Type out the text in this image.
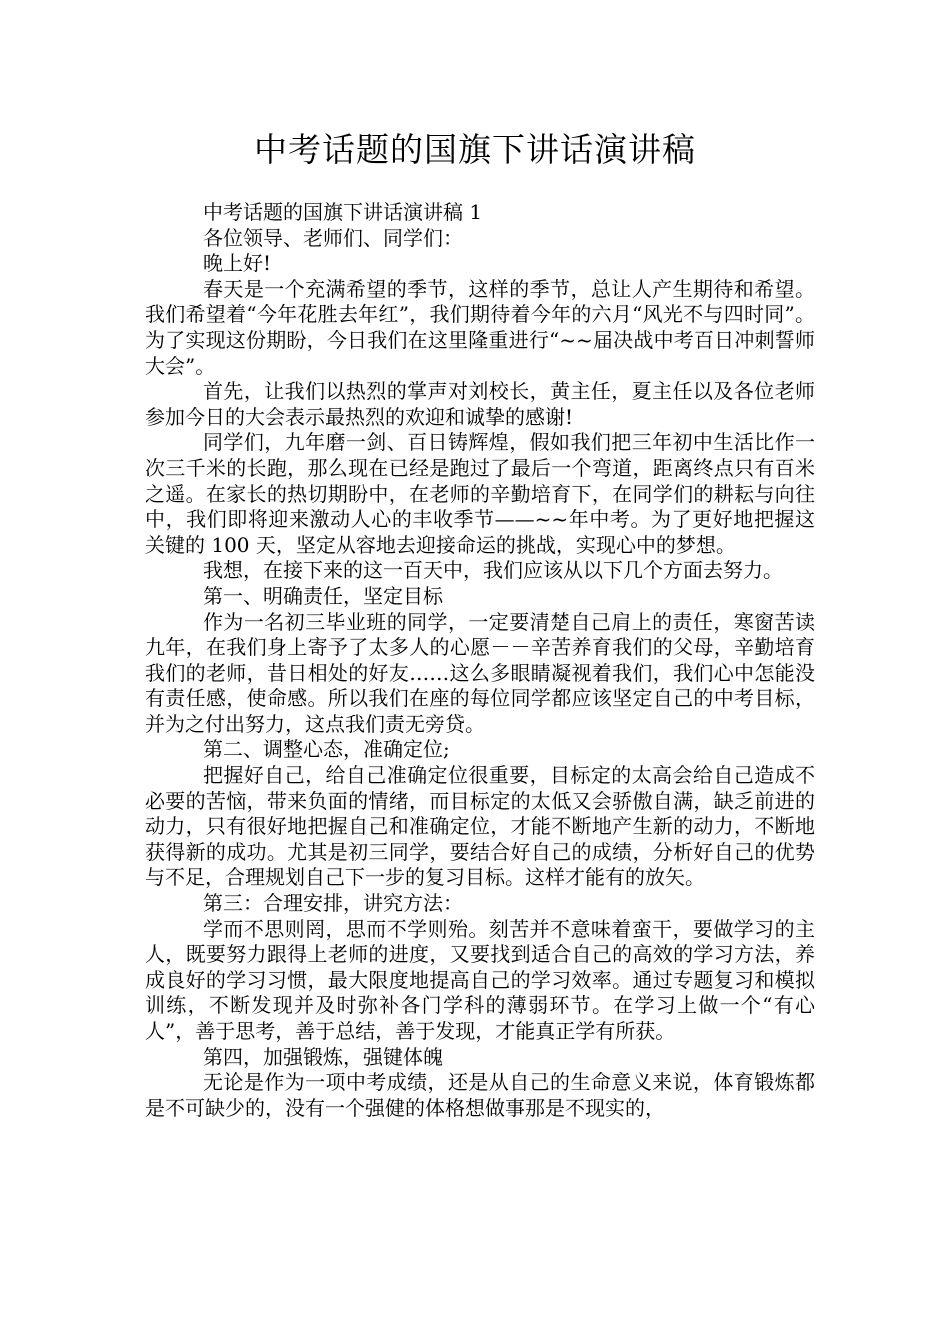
中考话题的国旗下讲话演讲稿

中考话题的国旗下讲话演讲稿 1

各位领导、老师们、同学们：

晚上好!

春天是一个充满希望的季节，这样的季节，总让人产生期待和希望。我们希望着“今年花胜去年红”，我们期待着今年的六月“风光不与四时同”。为了实现这份期盼，今日我们在这里隆重进行“~~届决战中考百日冲刺誓师大会”。

首先，让我们以热烈的掌声对刘校长，黄主任，夏主任以及各位老师参加今日的大会表示最热烈的欢迎和诚挚的感谢!

同学们，九年磨一剑、百日铸辉煌，假如我们把三年初中生活比作一次三千米的长跑，那么现在已经是跑过了最后一个弯道，距离终点只有百米之遥。在家长的热切期盼中，在老师的辛勤培育下，在同学们的耕耘与向往中，我们即将迎来激动人心的丰收季节——~~年中考。为了更好地把握这关键的 100 天，坚定从容地去迎接命运的挑战，实现心中的梦想。

我想，在接下来的这一百天中，我们应该从以下几个方面去努力。

第一、明确责任，坚定目标

作为一名初三毕业班的同学，一定要清楚自己肩上的责任，寒窗苦读九年，在我们身上寄予了太多人的心愿－－辛苦养育我们的父母，辛勤培育我们的老师，昔日相处的好友……这么多眼睛凝视着我们，我们心中怎能没有责任感，使命感。所以我们在座的每位同学都应该坚定自己的中考目标，并为之付出努力，这点我们责无旁贷。

第二、调整心态，准确定位;

把握好自己，给自己准确定位很重要，目标定的太高会给自己造成不必要的苦恼，带来负面的情绪，而目标定的太低又会骄傲自满，缺乏前进的动力，只有很好地把握自己和准确定位，才能不断地产生新的动力，不断地获得新的成功。尤其是初三同学，要结合好自己的成绩，分析好自己的优势与不足，合理规划自己下一步的复习目标。这样才能有的放矢。

第三：合理安排，讲究方法：

学而不思则罔，思而不学则殆。刻苦并不意味着蛮干，要做学习的主人，既要努力跟得上老师的进度，又要找到适合自己的高效的学习方法，养成良好的学习习惯，最大限度地提高自己的学习效率。通过专题复习和模拟训练，不断发现并及时弥补各门学科的薄弱环节。在学习上做一个“有心人”，善于思考，善于总结，善于发现，才能真正学有所获。

第四，加强锻炼，强键体魄

无论是作为一项中考成绩，还是从自己的生命意义来说，体育锻炼都是不可缺少的，没有一个强健的体格想做事那是不现实的，
